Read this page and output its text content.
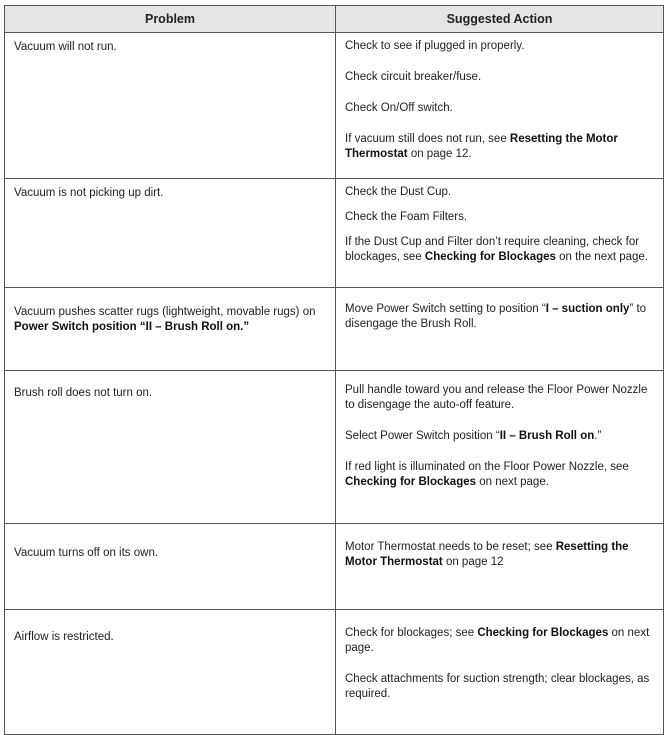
Problem	Suggested Action
Vacuum will not run.	Check to see if plugged in properly.

Check circuit breaker/fuse.

Check On/Off switch.

If vacuum still does not run, see Resetting the Motor Thermostat on page 12.

Vacuum is not picking up dirt.	Check the Dust Cup.

Check the Foam Filters.

If the Dust Cup and Filter don’t require cleaning, check for blockages, see Checking for Blockages on the next page.

Vacuum pushes scatter rugs (lightweight, movable rugs) on Power Switch position “II – Brush Roll on.”	Move Power Switch setting to position “I – suction only” to disengage the Brush Roll.

Brush roll does not turn on.	Pull handle toward you and release the Floor Power Nozzle to disengage the auto-off feature.

Select Power Switch position “II – Brush Roll on.”

If red light is illuminated on the Floor Power Nozzle, see Checking for Blockages on next page.

Vacuum turns off on its own.	Motor Thermostat needs to be reset; see Resetting the Motor Thermostat on page 12

Airflow is restricted.	Check for blockages; see Checking for Blockages on next page.

Check attachments for suction strength; clear blockages, as required.
